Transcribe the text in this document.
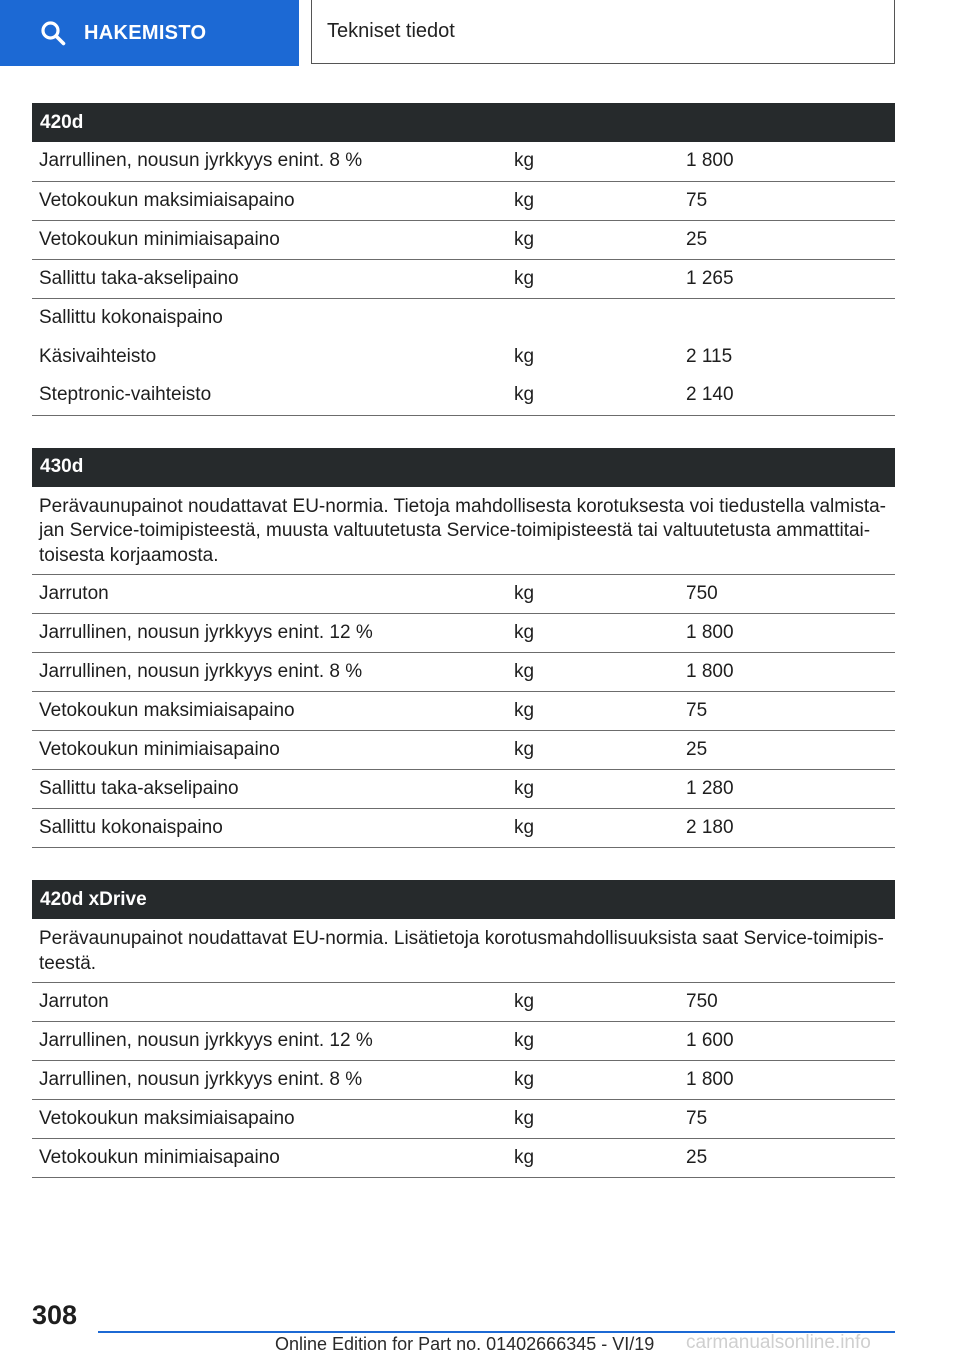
HAKEMISTO	Tekniset tiedot
420d		
Jarrullinen, nousun jyrkkyys enint. 8 %	kg	1 800
Vetokoukun maksimiaisapaino	kg	75
Vetokoukun minimiaisapaino	kg	25
Sallittu taka-akselipaino	kg	1 265
Sallittu kokonaispaino		
Käsivaihteisto	kg	2 115
Steptronic-vaihteisto	kg	2 140
430d		
Perävaunupainot noudattavat EU-normia. Tietoja mahdollisesta korotuksesta voi tiedustella valmista-jan Service-toimipisteestä, muusta valtuutetusta Service-toimipisteestä tai valtuutetusta ammattitai-toisesta korjaamosta.		
Jarruton	kg	750
Jarrullinen, nousun jyrkkyys enint. 12 %	kg	1 800
Jarrullinen, nousun jyrkkyys enint. 8 %	kg	1 800
Vetokoukun maksimiaisapaino	kg	75
Vetokoukun minimiaisapaino	kg	25
Sallittu taka-akselipaino	kg	1 280
Sallittu kokonaispaino	kg	2 180
420d xDrive		
Perävaunupainot noudattavat EU-normia. Lisätietoja korotusmahdollisuuksista saat Service-toimipis-teestä.		
Jarruton	kg	750
Jarrullinen, nousun jyrkkyys enint. 12 %	kg	1 600
Jarrullinen, nousun jyrkkyys enint. 8 %	kg	1 800
Vetokoukun maksimiaisapaino	kg	75
Vetokoukun minimiaisapaino	kg	25
308
Online Edition for Part no. 01402666345 - VI/19 carmanualsonline.info
